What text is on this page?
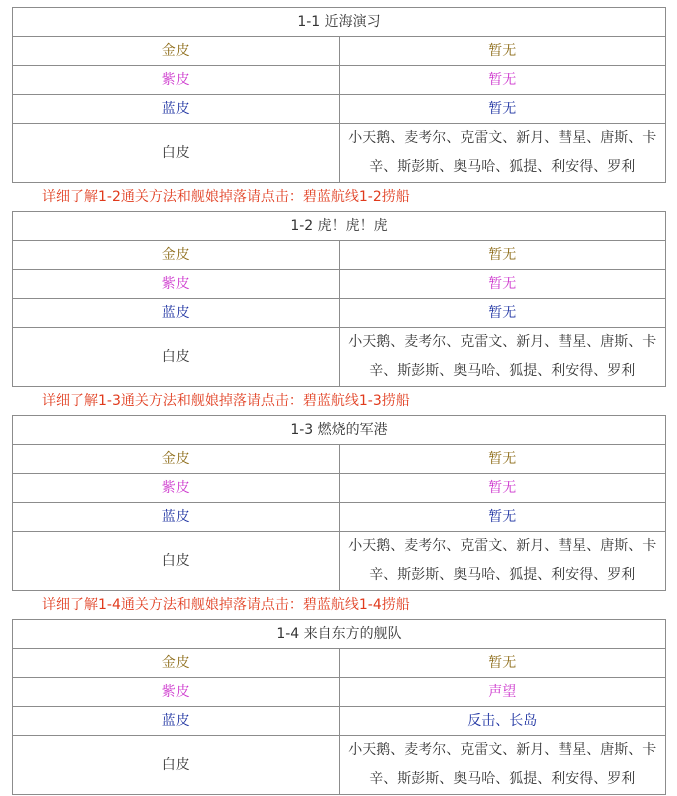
1-1 近海演习	
金皮	暂无
紫皮	暂无
蓝皮	暂无
白皮	小天鹅、麦考尔、克雷文、新月、彗星、唐斯、卡辛、斯彭斯、奥马哈、狐提、利安得、罗利
详细了解1-2通关方法和舰娘掉落请点击：碧蓝航线1-2捞船
1-2 虎！虎！虎	
金皮	暂无
紫皮	暂无
蓝皮	暂无
白皮	小天鹅、麦考尔、克雷文、新月、彗星、唐斯、卡辛、斯彭斯、奥马哈、狐提、利安得、罗利
详细了解1-3通关方法和舰娘掉落请点击：碧蓝航线1-3捞船
1-3 燃烧的军港	
金皮	暂无
紫皮	暂无
蓝皮	暂无
白皮	小天鹅、麦考尔、克雷文、新月、彗星、唐斯、卡辛、斯彭斯、奥马哈、狐提、利安得、罗利
详细了解1-4通关方法和舰娘掉落请点击：碧蓝航线1-4捞船
1-4 来自东方的舰队	
金皮	暂无
紫皮	声望
蓝皮	反击、长岛
白皮	小天鹅、麦考尔、克雷文、新月、彗星、唐斯、卡辛、斯彭斯、奥马哈、狐提、利安得、罗利
